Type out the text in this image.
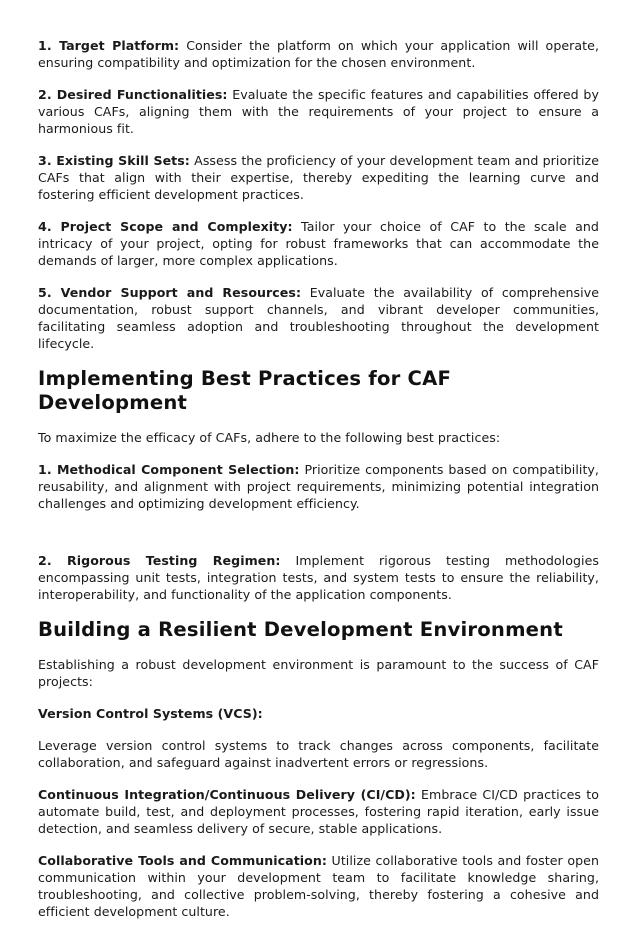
1. Target Platform: Consider the platform on which your application will operate, ensuring compatibility and optimization for the chosen environment.

2. Desired Functionalities: Evaluate the specific features and capabilities offered by various CAFs, aligning them with the requirements of your project to ensure a harmonious fit.

3. Existing Skill Sets: Assess the proficiency of your development team and prioritize CAFs that align with their expertise, thereby expediting the learning curve and fostering efficient development practices.

4. Project Scope and Complexity: Tailor your choice of CAF to the scale and intricacy of your project, opting for robust frameworks that can accommodate the demands of larger, more complex applications.

5. Vendor Support and Resources: Evaluate the availability of comprehensive documentation, robust support channels, and vibrant developer communities, facilitating seamless adoption and troubleshooting throughout the development lifecycle.

Implementing Best Practices for CAF Development

To maximize the efficacy of CAFs, adhere to the following best practices:

1. Methodical Component Selection: Prioritize components based on compatibility, reusability, and alignment with project requirements, minimizing potential integration challenges and optimizing development efficiency.

2. Rigorous Testing Regimen: Implement rigorous testing methodologies encompassing unit tests, integration tests, and system tests to ensure the reliability, interoperability, and functionality of the application components.

Building a Resilient Development Environment

Establishing a robust development environment is paramount to the success of CAF projects:

Version Control Systems (VCS):

Leverage version control systems to track changes across components, facilitate collaboration, and safeguard against inadvertent errors or regressions.

Continuous Integration/Continuous Delivery (CI/CD): Embrace CI/CD practices to automate build, test, and deployment processes, fostering rapid iteration, early issue detection, and seamless delivery of secure, stable applications.

Collaborative Tools and Communication: Utilize collaborative tools and foster open communication within your development team to facilitate knowledge sharing, troubleshooting, and collective problem-solving, thereby fostering a cohesive and efficient development culture.
